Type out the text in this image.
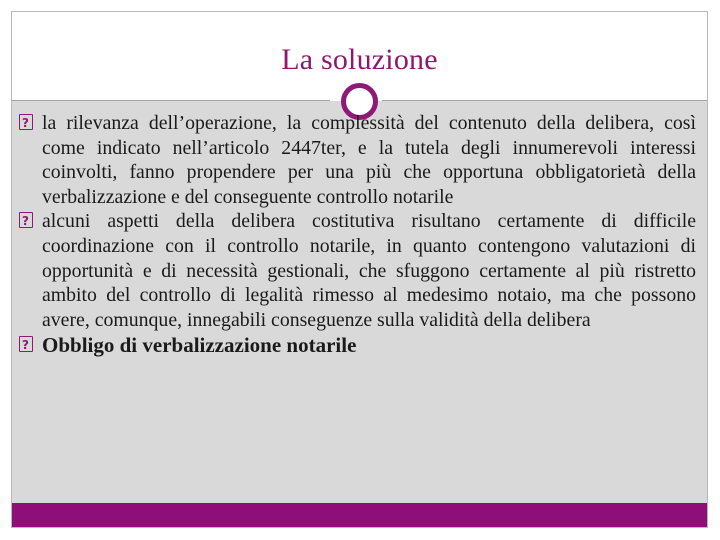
La soluzione
?
la rilevanza dell’operazione, la complessità del contenuto della delibera, così come indicato nell’articolo 2447ter, e la tutela degli innumerevoli interessi coinvolti, fanno propendere per una più che opportuna obbligatorietà della verbalizzazione e del conseguente controllo notarile
?
alcuni aspetti della delibera costitutiva risultano certamente di difficile coordinazione con il controllo notarile, in quanto contengono valutazioni di opportunità e di necessità gestionali, che sfuggono certamente al più ristretto ambito del controllo di legalità rimesso al medesimo notaio, ma che possono avere, comunque, innegabili conseguenze sulla validità della delibera
?
Obbligo di verbalizzazione notarile
